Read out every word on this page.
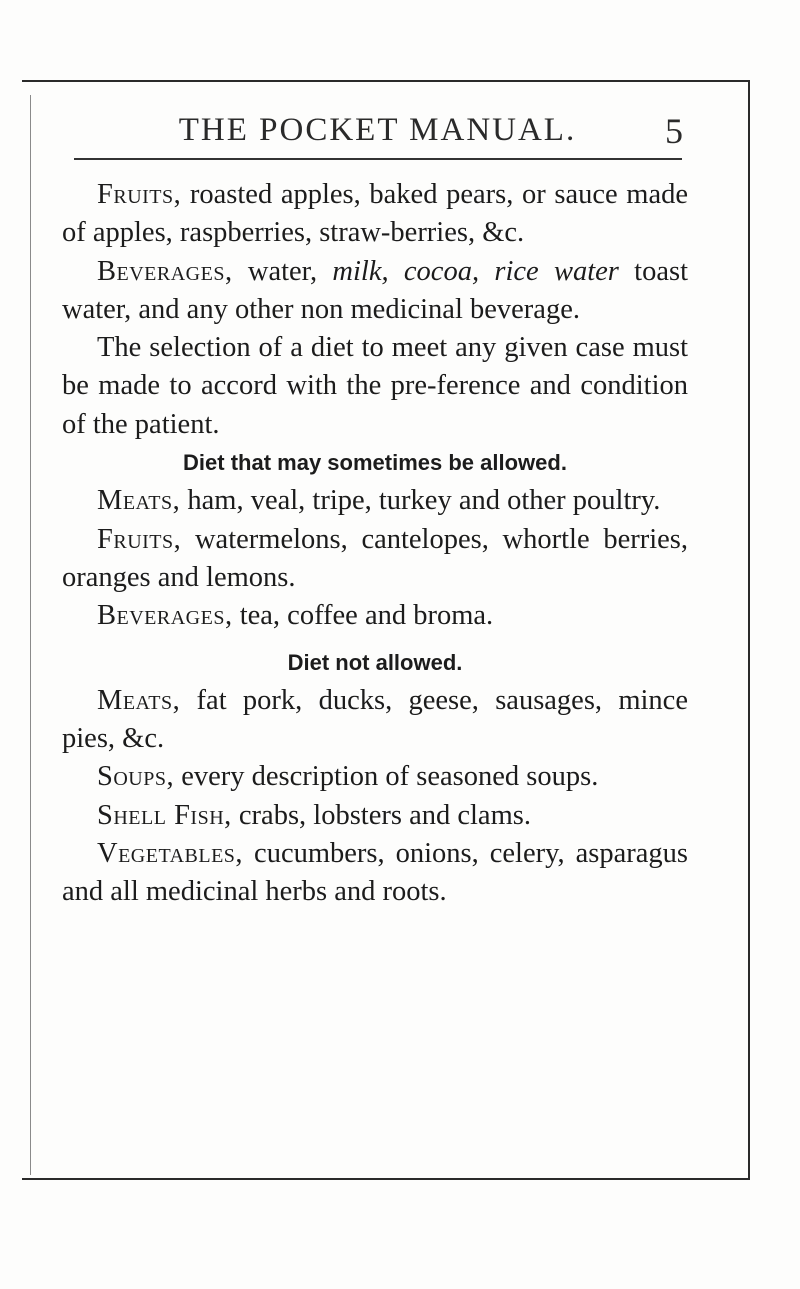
THE POCKET MANUAL.	5

Fruits, roasted apples, baked pears, or sauce made of apples, raspberries, straw-berries, &c.

Beverages, water, milk, cocoa, rice water toast water, and any other non medicinal beverage.

The selection of a diet to meet any given case must be made to accord with the pre-ference and condition of the patient.

Diet that may sometimes be allowed.

Meats, ham, veal, tripe, turkey and other poultry.

Fruits, watermelons, cantelopes, whortle berries, oranges and lemons.

Beverages, tea, coffee and broma.

Diet not allowed.

Meats, fat pork, ducks, geese, sausages, mince pies, &c.

Soups, every description of seasoned soups.

Shell Fish, crabs, lobsters and clams.

Vegetables, cucumbers, onions, celery, asparagus and all medicinal herbs and roots.
